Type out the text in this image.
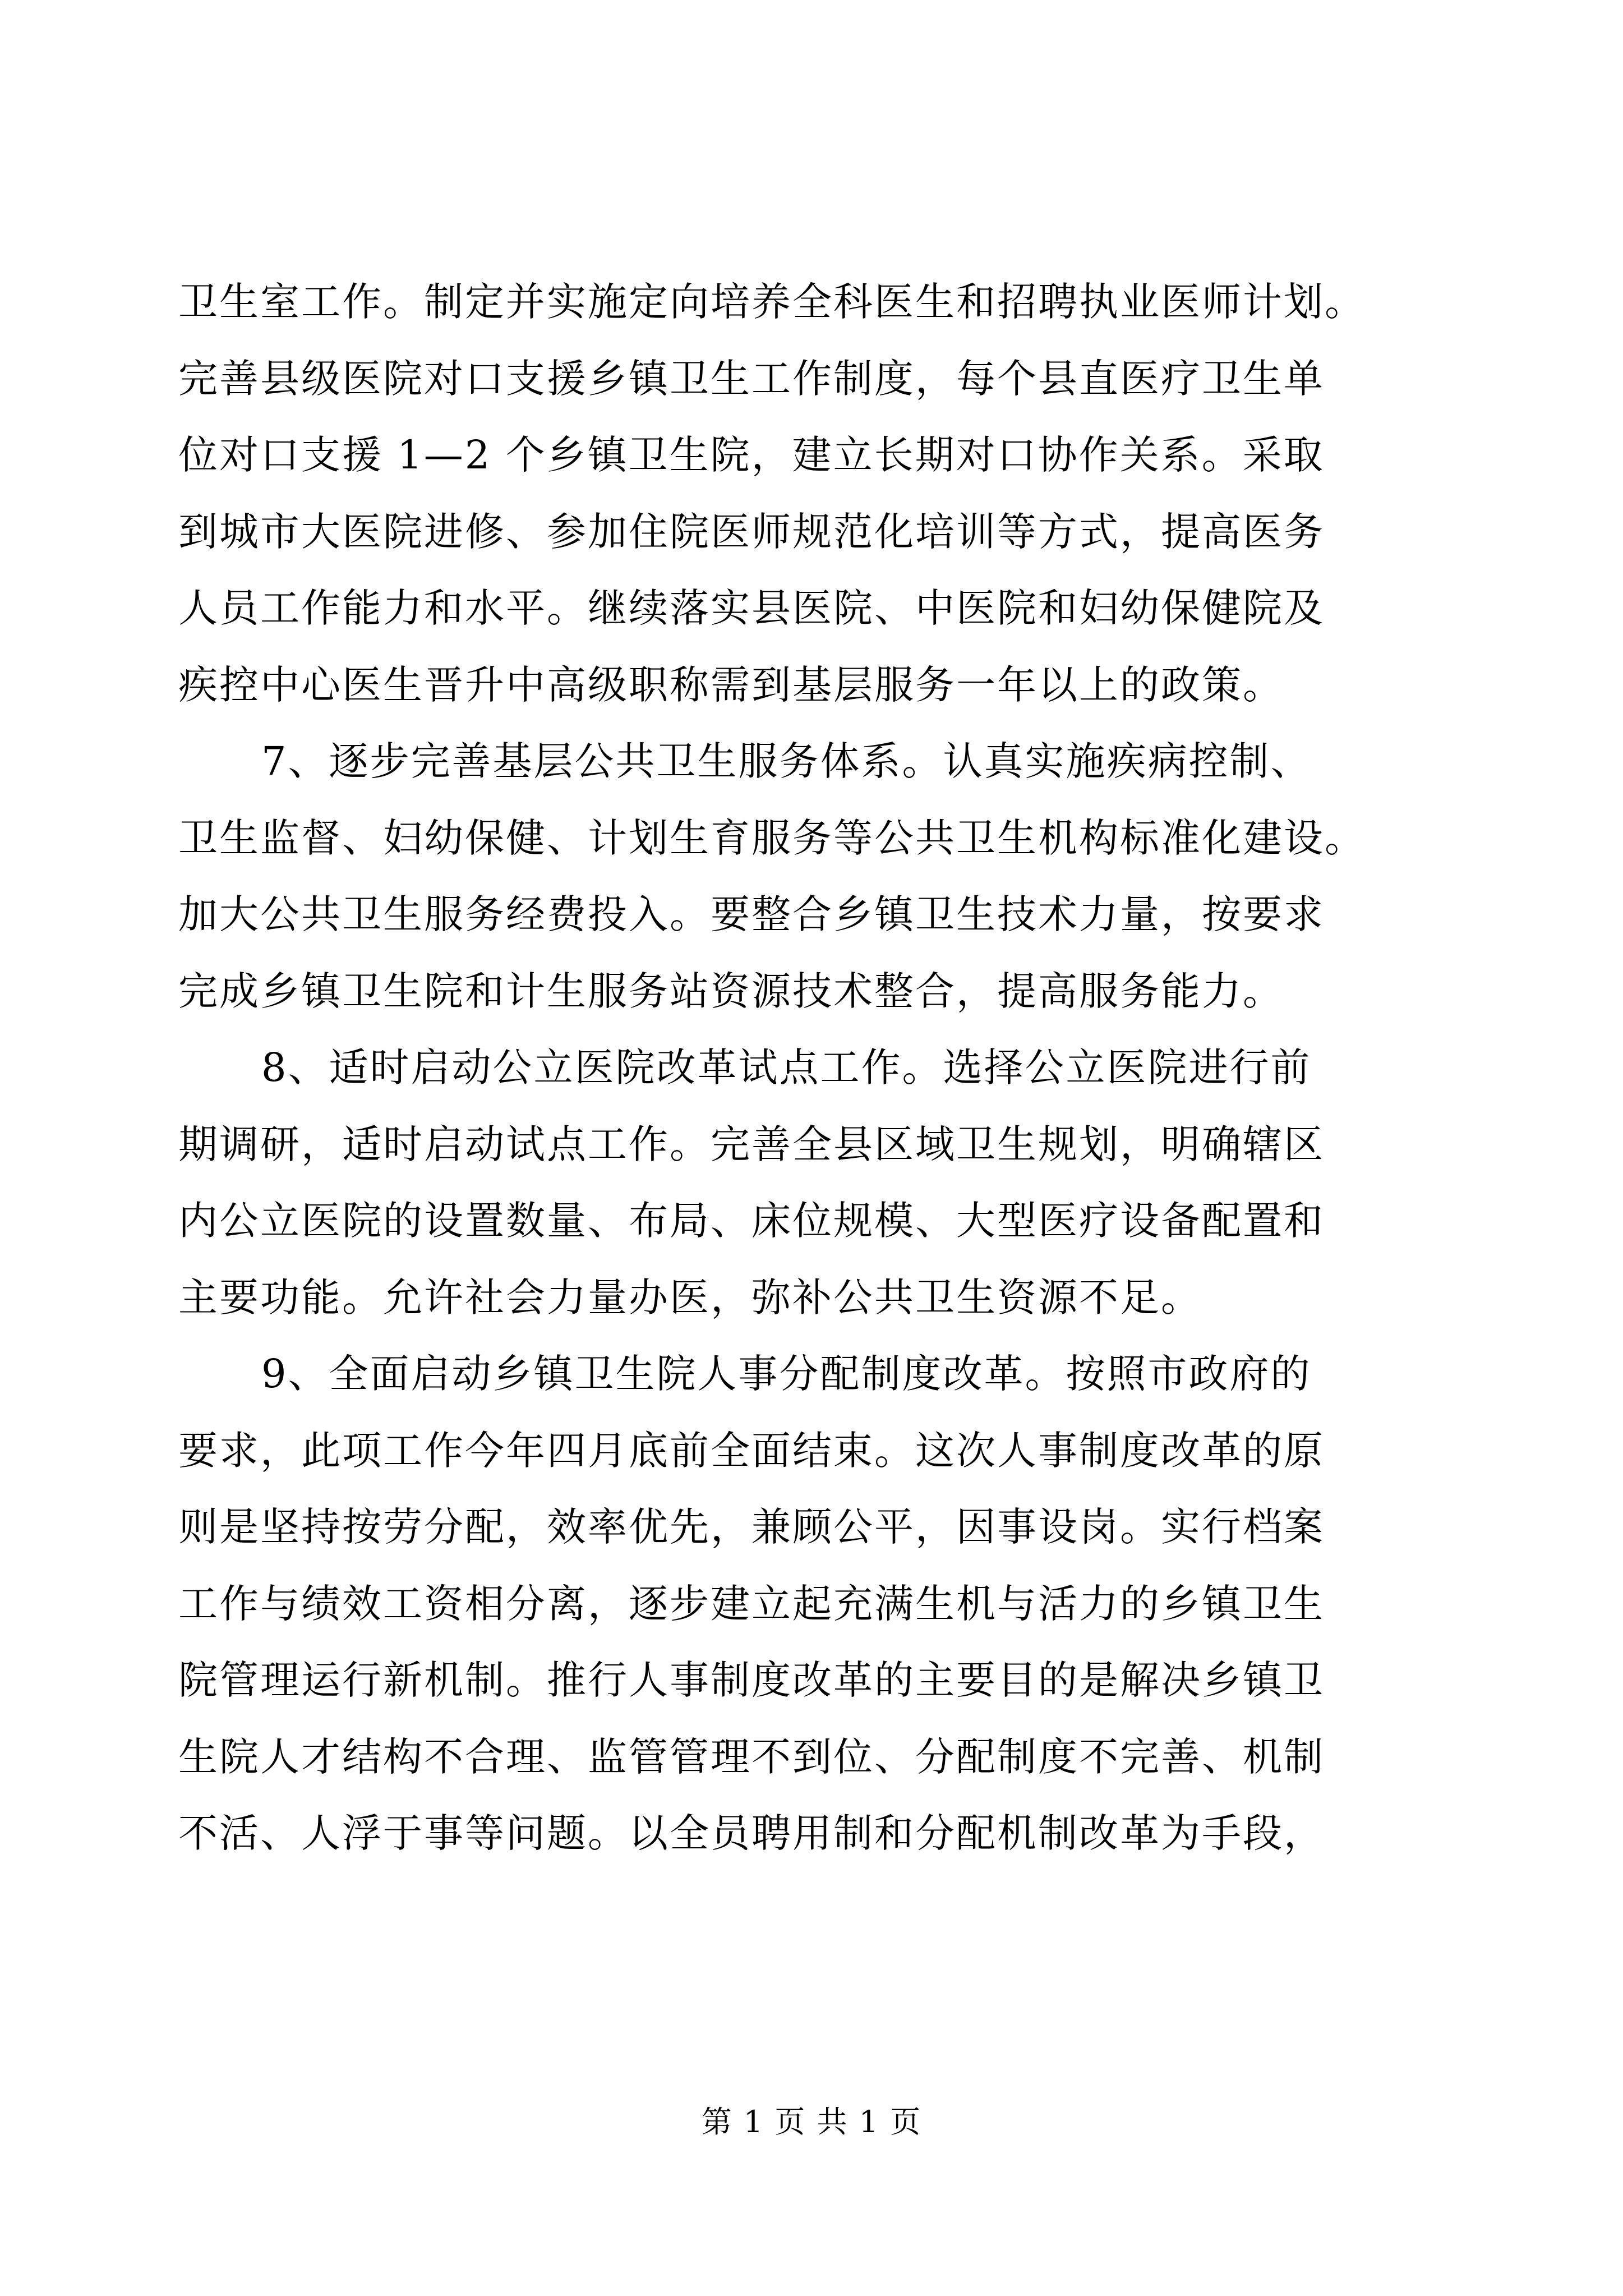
卫生室工作。制定并实施定向培养全科医生和招聘执业医师计划。
完善县级医院对口支援乡镇卫生工作制度，每个县直医疗卫生单
位对口支援 1—2 个乡镇卫生院，建立长期对口协作关系。采取
到城市大医院进修、参加住院医师规范化培训等方式，提高医务
人员工作能力和水平。继续落实县医院、中医院和妇幼保健院及
疾控中心医生晋升中高级职称需到基层服务一年以上的政策。
7、逐步完善基层公共卫生服务体系。认真实施疾病控制、
卫生监督、妇幼保健、计划生育服务等公共卫生机构标准化建设。
加大公共卫生服务经费投入。要整合乡镇卫生技术力量，按要求
完成乡镇卫生院和计生服务站资源技术整合，提高服务能力。
8、适时启动公立医院改革试点工作。选择公立医院进行前
期调研，适时启动试点工作。完善全县区域卫生规划，明确辖区
内公立医院的设置数量、布局、床位规模、大型医疗设备配置和
主要功能。允许社会力量办医，弥补公共卫生资源不足。
9、全面启动乡镇卫生院人事分配制度改革。按照市政府的
要求，此项工作今年四月底前全面结束。这次人事制度改革的原
则是坚持按劳分配，效率优先，兼顾公平，因事设岗。实行档案
工作与绩效工资相分离，逐步建立起充满生机与活力的乡镇卫生
院管理运行新机制。推行人事制度改革的主要目的是解决乡镇卫
生院人才结构不合理、监管管理不到位、分配制度不完善、机制
不活、人浮于事等问题。以全员聘用制和分配机制改革为手段，
第 1 页 共 1 页
